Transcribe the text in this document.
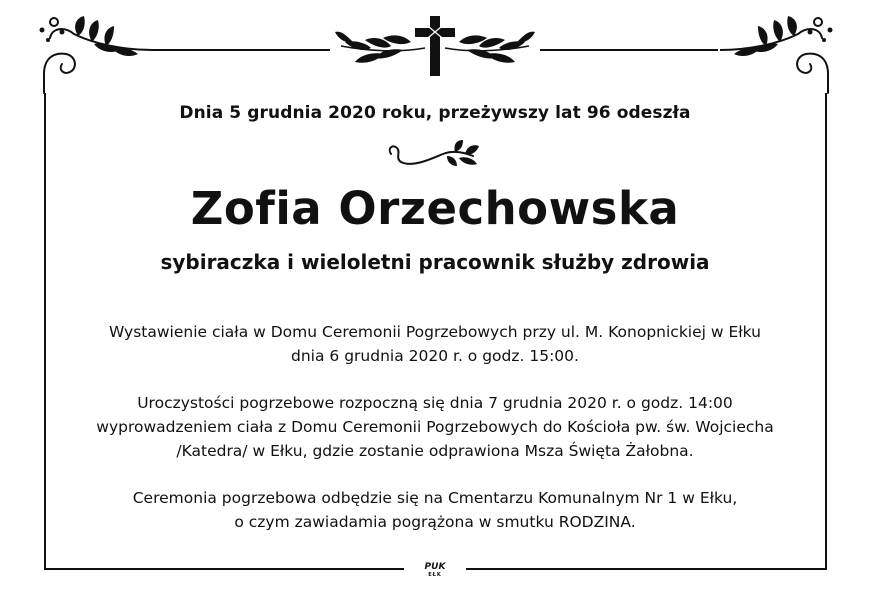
Dnia 5 grudnia 2020 roku, przeżywszy lat 96 odeszła
Zofia Orzechowska
sybiraczka i wieloletni pracownik służby zdrowia
Wystawienie ciała w Domu Ceremonii Pogrzebowych przy ul. M. Konopnickiej w Ełku
dnia 6 grudnia 2020 r. o godz. 15:00.
Uroczystości pogrzebowe rozpoczną się dnia 7 grudnia 2020 r. o godz. 14:00
wyprowadzeniem ciała z Domu Ceremonii Pogrzebowych do Kościoła pw. św. Wojciecha
/Katedra/ w Ełku, gdzie zostanie odprawiona Msza Święta Żałobna.
Ceremonia pogrzebowa odbędzie się na Cmentarzu Komunalnym Nr 1 w Ełku,
o czym zawiadamia pogrążona w smutku RODZINA.
PUK
EŁK
